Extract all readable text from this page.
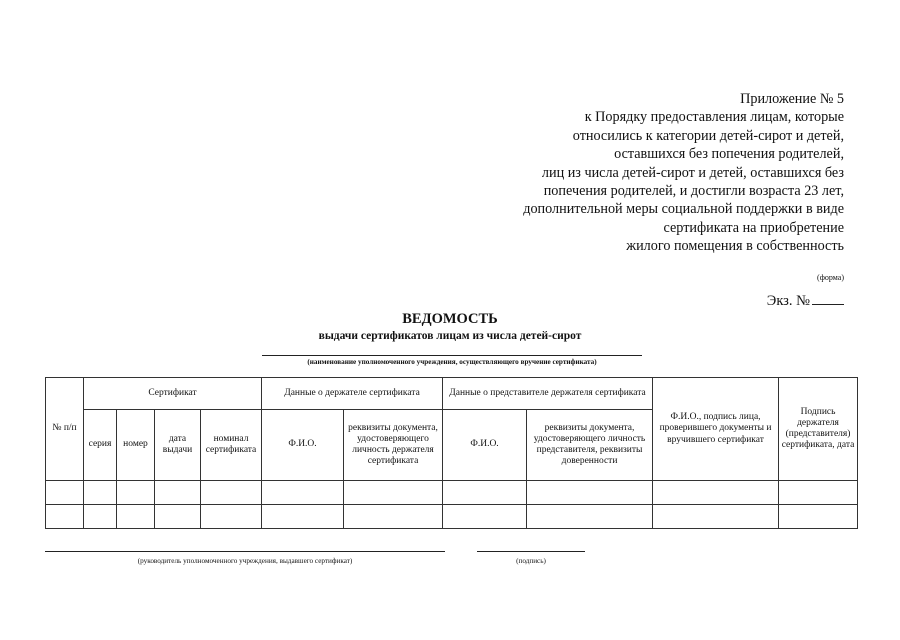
Приложение № 5
к Порядку предоставления лицам, которые
относились к категории детей-сирот и детей,
оставшихся без попечения родителей,
лиц из числа детей-сирот и детей, оставшихся без
попечения родителей, и достигли возраста 23 лет,
дополнительной меры социальной поддержки в виде
сертификата на приобретение
жилого помещения в собственность
(форма)
Экз. №
ВЕДОМОСТЬ
выдачи сертификатов лицам из числа детей-сирот
(наименование уполномоченного учреждения, осуществляющего вручение сертификата)
№ п/п	Сертификат				Данные о держателе сертификата		Данные о представителе держателя сертификата		Ф.И.О., подпись лица, проверившего документы и вручившего сертификат	Подпись держателя (представителя) сертификата, дата
	серия	номер	дата выдачи	номинал сертификата	Ф.И.О.	реквизиты документа, удостоверяющего личность держателя сертификата	Ф.И.О.	реквизиты документа, удостоверяющего личность представителя, реквизиты доверенности		

(руководитель уполномоченного учреждения, выдавшего сертификат)	(подпись)
